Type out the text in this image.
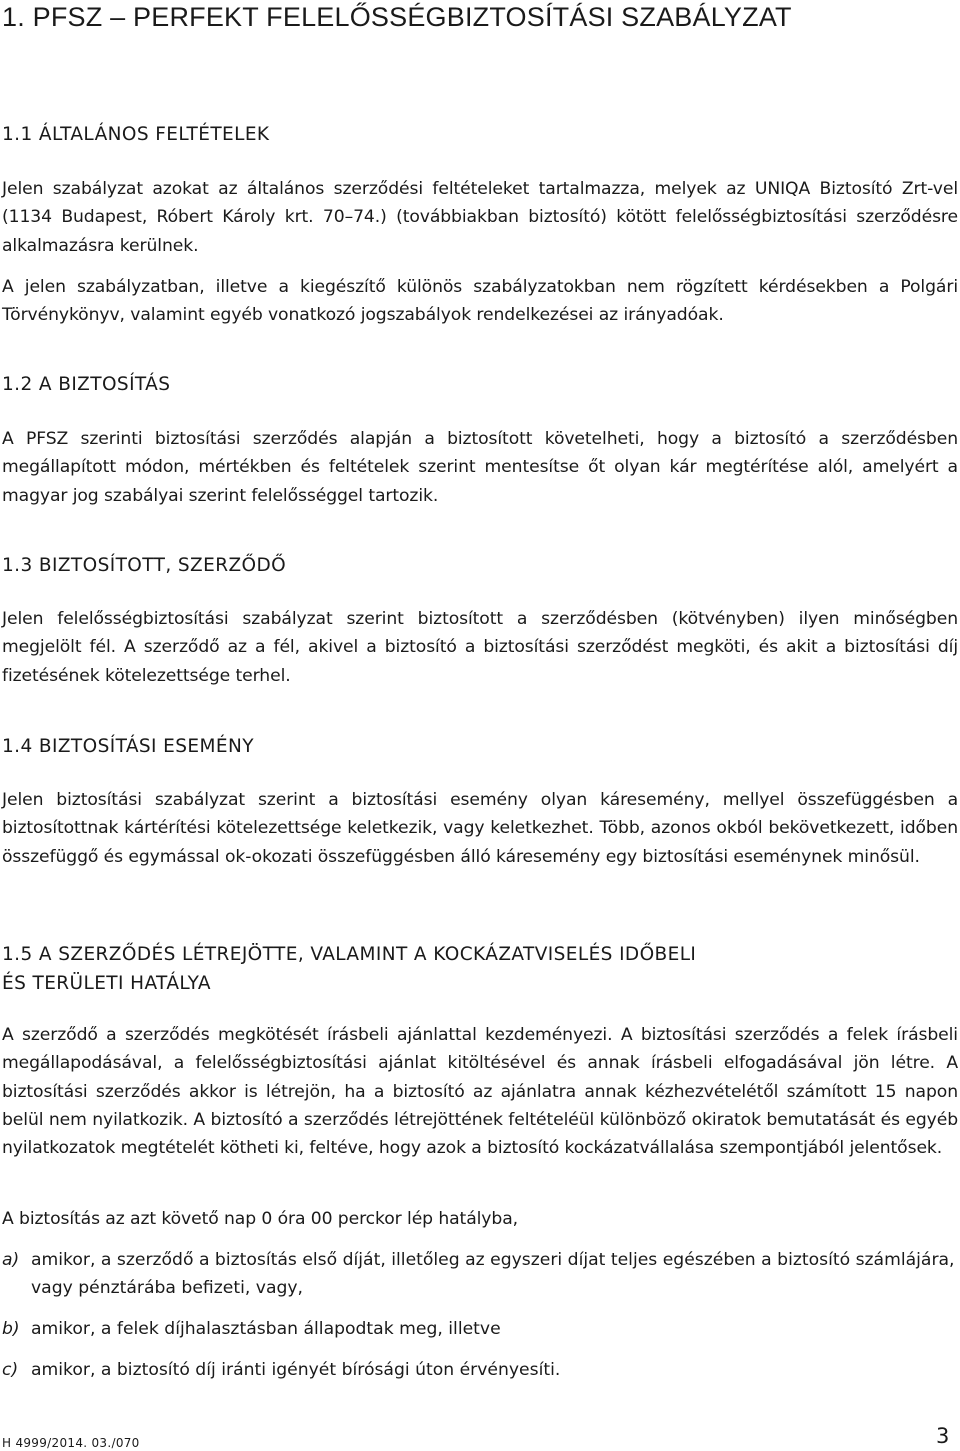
1. PFSZ – PERFEKT FELELŐSSÉGBIZTOSÍTÁSI SZABÁLYZAT
1.1 ÁLTALÁNOS FELTÉTELEK

Jelen szabályzat azokat az általános szerződési feltételeket tartalmazza, melyek az UNIQA Biztosító Zrt-vel (1134 Budapest, Róbert Károly krt. 70–74.) (továbbiakban biztosító) kötött felelősségbiztosítási szerződésre alkalmazásra kerülnek.

A jelen szabályzatban, illetve a kiegészítő különös szabályzatokban nem rögzített kérdésekben a Polgári Törvénykönyv, valamint egyéb vonatkozó jogszabályok rendelkezései az irányadóak.

1.2 A BIZTOSÍTÁS

A PFSZ szerinti biztosítási szerződés alapján a biztosított követelheti, hogy a biztosító a szerződésben megállapított módon, mértékben és feltételek szerint mentesítse őt olyan kár megtérítése alól, amelyért a magyar jog szabályai szerint felelősséggel tartozik.

1.3 BIZTOSÍTOTT, SZERZŐDŐ

Jelen felelősségbiztosítási szabályzat szerint biztosított a szerződésben (kötvényben) ilyen minőségben megjelölt fél. A szerződő az a fél, akivel a biztosító a biztosítási szerződést megköti, és akit a biztosítási díj fizetésének kötelezettsége terhel.

1.4 BIZTOSÍTÁSI ESEMÉNY

Jelen biztosítási szabályzat szerint a biztosítási esemény olyan káresemény, mellyel összefüggésben a biztosítottnak kártérítési kötelezettsége keletkezik, vagy keletkezhet. Több, azonos okból bekövetkezett, időben összefüggő és egymással ok-okozati összefüggésben álló káresemény egy biztosítási eseménynek minősül.

1.5 A SZERZŐDÉS LÉTREJÖTTE, VALAMINT A KOCKÁZATVISELÉS IDŐBELI
ÉS TERÜLETI HATÁLYA

A szerződő a szerződés megkötését írásbeli ajánlattal kezdeményezi. A biztosítási szerződés a felek írásbeli megállapodásával, a felelősségbiztosítási ajánlat kitöltésével és annak írásbeli elfogadásával jön létre. A biztosítási szerződés akkor is létrejön, ha a biztosító az ajánlatra annak kézhezvételétől számított 15 napon belül nem nyilatkozik. A biztosító a szerződés létrejöttének feltételéül különböző okiratok bemutatását és egyéb nyilatkozatok megtételét kötheti ki, feltéve, hogy azok a biztosító kockázatvállalása szempontjából jelentősek.

A biztosítás az azt követő nap 0 óra 00 perckor lép hatályba,

a) amikor, a szerződő a biztosítás első díját, illetőleg az egyszeri díjat teljes egészében a biztosító számlájára, vagy pénztárába befizeti, vagy,
b) amikor, a felek díjhalasztásban állapodtak meg, illetve
c) amikor, a biztosító díj iránti igényét bírósági úton érvényesíti.
H 4999/2014. 03./070	3
